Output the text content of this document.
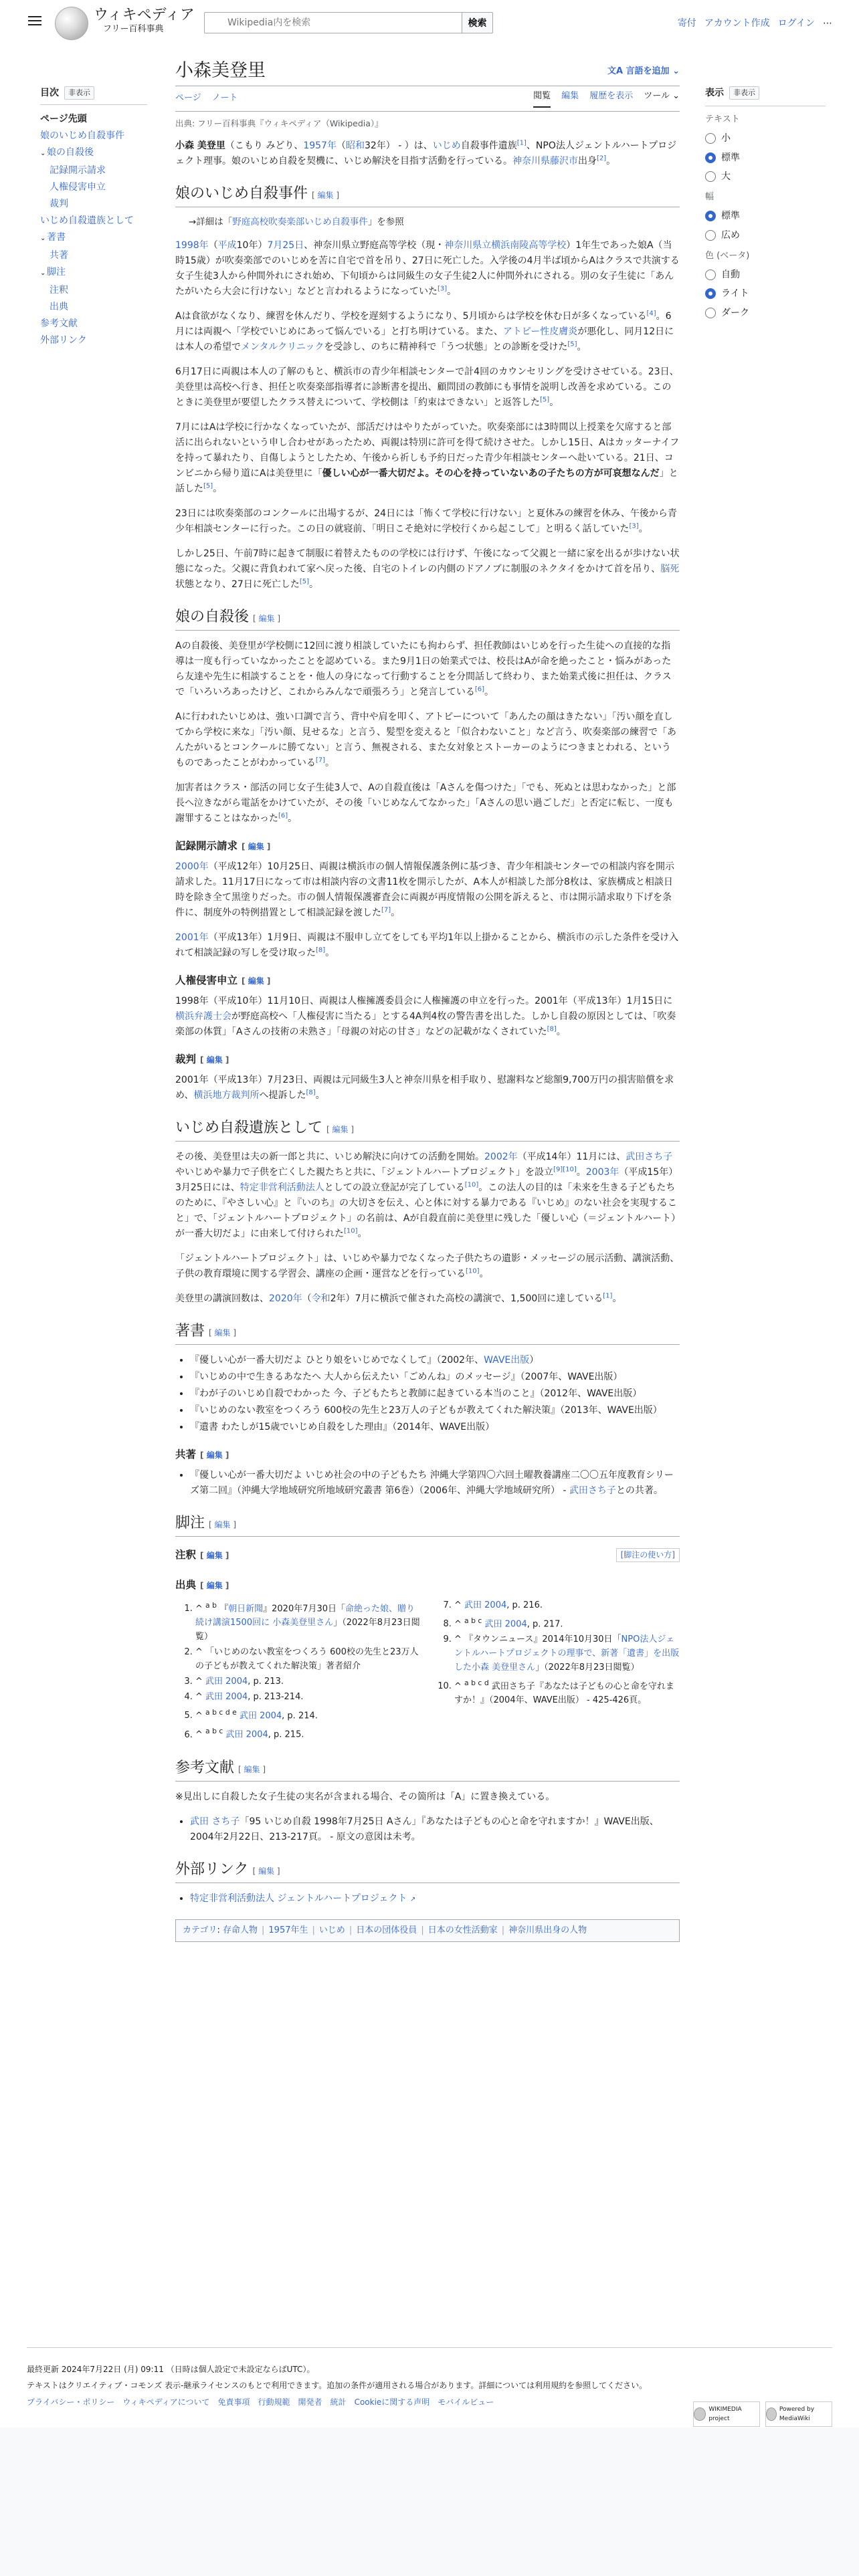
ウィキペディア
フリー百科事典
Wikipedia内を検索
検索	寄付 アカウント作成 ログイン ⋯
目次	非表示
ページ先頭
娘のいじめ自殺事件
⌄ 娘の自殺後
記録開示請求
人権侵害申立
裁判
いじめ自殺遺族として
⌄ 著書
共著
⌄ 脚注
注釈
出典
参考文献
外部リンク
小森美登里	文A 言語を追加 ⌄
ページ ノート	閲覧 編集 履歴を表示 ツール ⌄
出典: フリー百科事典『ウィキペディア（Wikipedia）』

小森 美登里（こもり みどり、1957年（昭和32年） - ）は、いじめ自殺事件遺族[1]、NPO法人ジェントルハートプロジェクト理事。娘のいじめ自殺を契機に、いじめ解決を目指す活動を行っている。神奈川県藤沢市出身[2]。

娘のいじめ自殺事件 [ 編集 ]
→詳細は「野庭高校吹奏楽部いじめ自殺事件」を参照

1998年（平成10年）7月25日、神奈川県立野庭高等学校（現・神奈川県立横浜南陵高等学校）1年生であった娘A（当時15歳）が吹奏楽部でのいじめを苦に自宅で首を吊り、27日に死亡した。入学後の4月半ば頃からAはクラスで共演する女子生徒3人から仲間外れにされ始め、下旬頃からは同級生の女子生徒2人に仲間外れにされる。別の女子生徒に「あんたがいたら大会に行けない」などと言われるようになっていた[3]。

Aは食欲がなくなり、練習を休んだり、学校を遅刻するようになり、5月頃からは学校を休む日が多くなっている[4]。6月には両親へ「学校でいじめにあって悩んでいる」と打ち明けている。また、アトピー性皮膚炎が悪化し、同月12日には本人の希望でメンタルクリニックを受診し、のちに精神科で「うつ状態」との診断を受けた[5]。

6月17日に両親は本人の了解のもと、横浜市の青少年相談センターで計4回のカウンセリングを受けさせている。23日、美登里は高校へ行き、担任と吹奏楽部指導者に診断書を提出、顧問団の教師にも事情を説明し改善を求めている。このときに美登里が要望したクラス替えについて、学校側は「約束はできない」と返答した[5]。

7月にはAは学校に行かなくなっていたが、部活だけはやりたがっていた。吹奏楽部には3時間以上授業を欠席すると部活に出られないという申し合わせがあったため、両親は特別に許可を得て続けさせた。しかし15日、Aはカッターナイフを持って暴れたり、自傷しようとしたため、午後から祈しも予約日だった青少年相談センターへ赴いている。21日、コンビニから帰り道にAは美登里に「優しい心が一番大切だよ。その心を持っていないあの子たちの方が可哀想なんだ」と話した[5]。

23日には吹奏楽部のコンクールに出場するが、24日には「怖くて学校に行けない」と夏休みの練習を休み、午後から青少年相談センターに行った。この日の就寝前、「明日こそ絶対に学校行くから起こして」と明るく話していた[3]。

しかし25日、午前7時に起きて制服に着替えたものの学校には行けず、午後になって父親と一緒に家を出るが歩けない状態になった。父親に背負われて家へ戻った後、自宅のトイレの内側のドアノブに制服のネクタイをかけて首を吊り、脳死状態となり、27日に死亡した[5]。

娘の自殺後 [ 編集 ]

Aの自殺後、美登里が学校側に12回に渡り相談していたにも拘わらず、担任教師はいじめを行った生徒への直接的な指導は一度も行っていなかったことを認めている。また9月1日の始業式では、校長はAが命を絶ったこと・悩みがあったら友達や先生に相談することを・他人の身になって行動することを分間話して終わり、また始業式後に担任は、クラスで「いろいろあったけど、これからみんなで頑張ろう」と発言している[6]。

Aに行われたいじめは、強い口調で言う、背中や肩を叩く、アトピーについて「あんたの顔はきたない」「汚い顔を直してから学校に来な」「汚い顔、見せるな」と言う、髪型を変えると「似合わないこと」など言う、吹奏楽部の練習で「あんたがいるとコンクールに勝てない」と言う、無視される、また女対象とストーカーのようにつきまとわれる、というものであったことがわかっている[7]。

加害者はクラス・部活の同じ女子生徒3人で、Aの自殺直後は「Aさんを傷つけた」「でも、死ぬとは思わなかった」と部長へ泣きながら電話をかけていたが、その後「いじめなんてなかった」「Aさんの思い過ごしだ」と否定に転じ、一度も謝罪することはなかった[6]。

記録開示請求 [ 編集 ]

2000年（平成12年）10月25日、両親は横浜市の個人情報保護条例に基づき、青少年相談センターでの相談内容を開示請求した。11月17日になって市は相談内容の文書11枚を開示したが、A本人が相談した部分8枚は、家族構成と相談日時を除き全て黒塗りだった。市の個人情報保護審査会に両親が再度情報の公開を訴えると、市は開示請求取り下げを条件に、制度外の特例措置として相談記録を渡した[7]。

2001年（平成13年）1月9日、両親は不服申し立てをしても平均1年以上掛かることから、横浜市の示した条件を受け入れて相談記録の写しを受け取った[8]。

人権侵害申立 [ 編集 ]

1998年（平成10年）11月10日、両親は人権擁護委員会に人権擁護の申立を行った。2001年（平成13年）1月15日に横浜弁護士会が野庭高校へ「人権侵害に当たる」とする4A判4枚の警告書を出した。しかし自殺の原因としては、「吹奏楽部の体質」「Aさんの技術の未熟さ」「母親の対応の甘さ」などの記載がなくされていた[8]。

裁判 [ 編集 ]

2001年（平成13年）7月23日、両親は元同級生3人と神奈川県を相手取り、慰謝料など総額9,700万円の損害賠償を求め、横浜地方裁判所へ提訴した[8]。

いじめ自殺遺族として [ 編集 ]

その後、美登里は夫の新一郎と共に、いじめ解決に向けての活動を開始。2002年（平成14年）11月には、武田さち子やいじめや暴力で子供を亡くした親たちと共に、「ジェントルハートプロジェクト」を設立[9][10]。2003年（平成15年）3月25日には、特定非営利活動法人としての設立登記が完了している[10]。この法人の目的は「未来を生きる子どもたちのために、『やさしい心』と『いのち』の大切さを伝え、心と体に対する暴力である『いじめ』のない社会を実現すること」で、「ジェントルハートプロジェクト」の名前は、Aが自殺直前に美登里に残した「優しい心（＝ジェントルハート）が一番大切だよ」に由来して付けられた[10]。

「ジェントルハートプロジェクト」は、いじめや暴力でなくなった子供たちの遺影・メッセージの展示活動、講演活動、子供の教育環境に関する学習会、講座の企画・運営などを行っている[10]。

美登里の講演回数は、2020年（令和2年）7月に横浜で催された高校の講演で、1,500回に達している[1]。

著書 [ 編集 ]
• 『優しい心が一番大切だよ ひとり娘をいじめでなくして』（2002年、WAVE出版）
• 『いじめの中で生きるあなたへ 大人から伝えたい「ごめんね」のメッセージ』（2007年、WAVE出版）
• 『わが子のいじめ自殺でわかった 今、子どもたちと教師に起きている本当のこと』（2012年、WAVE出版）
• 『いじめのない教室をつくろう 600校の先生と23万人の子どもが教えてくれた解決策』（2013年、WAVE出版）
• 『遺書 わたしが15歳でいじめ自殺をした理由』（2014年、WAVE出版）
共著 [ 編集 ]
• 『優しい心が一番大切だよ いじめ社会の中の子どもたち 沖縄大学第四〇六回土曜教養講座二〇〇五年度教育シリーズ第二回』（沖縄大学地域研究所地域研究叢書 第6巻）（2006年、沖縄大学地域研究所） - 武田さち子との共著。
脚注 [ 編集 ]
注釈 [ 編集 ]	[脚注の使い方]
出典 [ 編集 ]
1. ^ $^{a b}$ 『朝日新聞』2020年7月30日「命絶った娘、贈り続け講演1500回に 小森美登里さん」（2022年8月23日閲覧）
2. ^ 「いじめのない教室をつくろう 600校の先生と23万人の子どもが教えてくれた解決策」著者紹介
3. ^ 武田 2004, p. 213.
4. ^ 武田 2004, p. 213-214.
5. ^ $^{a b c d e}$ 武田 2004, p. 214.
6. ^ $^{a b c}$ 武田 2004, p. 215.
7. ^ 武田 2004, p. 216.
8. ^ $^{a b c}$ 武田 2004, p. 217.
9. ^ 『タウンニュース』2014年10月30日「NPO法人ジェントルハートプロジェクトの理事で、新著「遺書」を出版した小森 美登里さん」（2022年8月23日閲覧）
10. ^ $^{a b c d}$ 武田さち子『あなたは子どもの心と命を守れますか！』（2004年、WAVE出版） - 425-426頁。
参考文献 [ 編集 ]

※見出しに自殺した女子生徒の実名が含まれる場合、その箇所は「A」に置き換えている。

• 武田 さち子「95 いじめ自殺 1998年7月25日 Aさん」『あなたは子どもの心と命を守れますか！』WAVE出版、2004年2月22日、213-217頁。 - 原文の意図は未考。
外部リンク [ 編集 ]
• 特定非営利活動法人 ジェントルハートプロジェクト ↗
カテゴリ: 存命人物 | 1957年生 | いじめ | 日本の団体役員 | 日本の女性活動家 | 神奈川県出身の人物
表示	非表示
テキスト
小
標準
大
幅
標準
広め
色 (ベータ)
自動
ライト
ダーク

最終更新 2024年7月22日 (月) 09:11 （日時は個人設定で未設定ならばUTC）。

テキストはクリエイティブ・コモンズ 表示-継承ライセンスのもとで利用できます。追加の条件が適用される場合があります。詳細については利用規約を参照してください。

プライバシー・ポリシー ウィキペディアについて 免責事項 行動規範 開発者 統計 Cookieに関する声明 モバイルビュー
WIKIMEDIA project
Powered by MediaWiki
